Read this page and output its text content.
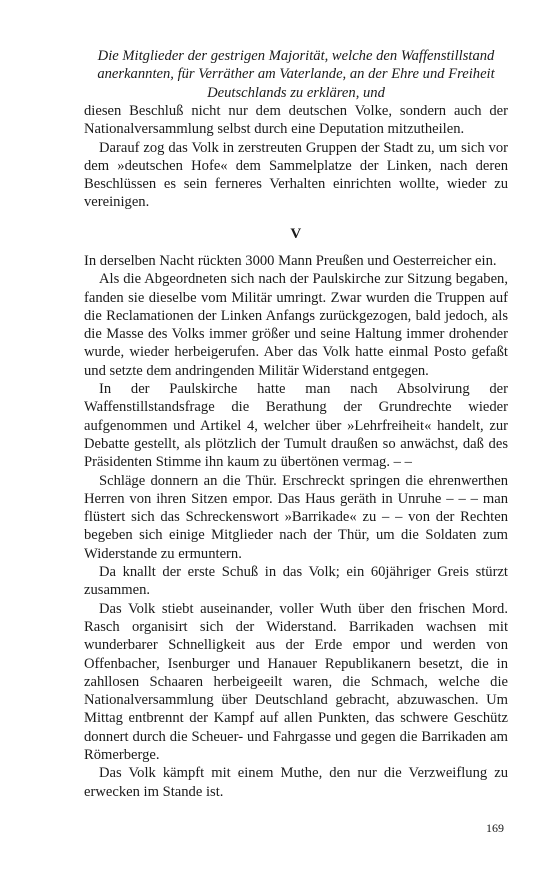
Die Mitglieder der gestrigen Majorität, welche den Waffenstillstand

anerkannten, für Verräther am Vaterlande, an der Ehre und Freiheit

Deutschlands zu erklären, und

diesen Beschluß nicht nur dem deutschen Volke, sondern auch der Nationalversammlung selbst durch eine Deputation mitzutheilen.

Darauf zog das Volk in zerstreuten Gruppen der Stadt zu, um sich vor dem »deutschen Hofe« dem Sammelplatze der Linken, nach deren Beschlüssen es sein ferneres Verhalten einrichten wollte, wieder zu vereinigen.

V

In derselben Nacht rückten 3000 Mann Preußen und Oesterreicher ein.

Als die Abgeordneten sich nach der Paulskirche zur Sitzung begaben, fanden sie dieselbe vom Militär umringt. Zwar wurden die Truppen auf die Reclamationen der Linken Anfangs zurückgezogen, bald jedoch, als die Masse des Volks immer größer und seine Haltung immer drohender wurde, wieder herbeigerufen. Aber das Volk hatte einmal Posto gefaßt und setzte dem andringenden Militär Widerstand entgegen.

In der Paulskirche hatte man nach Absolvirung der Waffenstillstandsfrage die Berathung der Grundrechte wieder aufgenommen und Artikel 4, welcher über »Lehrfreiheit« handelt, zur Debatte gestellt, als plötzlich der Tumult draußen so anwächst, daß des Präsidenten Stimme ihn kaum zu übertönen vermag. – –

Schläge donnern an die Thür. Erschreckt springen die ehrenwerthen Herren von ihren Sitzen empor. Das Haus geräth in Unruhe – – – man flüstert sich das Schreckenswort »Barrikade« zu – – von der Rechten begeben sich einige Mitglieder nach der Thür, um die Soldaten zum Widerstande zu ermuntern.

Da knallt der erste Schuß in das Volk; ein 60jähriger Greis stürzt zusammen.

Das Volk stiebt auseinander, voller Wuth über den frischen Mord. Rasch organisirt sich der Widerstand. Barrikaden wachsen mit wunderbarer Schnelligkeit aus der Erde empor und werden von Offenbacher, Isenburger und Hanauer Republikanern besetzt, die in zahllosen Schaaren herbeigeeilt waren, die Schmach, welche die Nationalversammlung über Deutschland gebracht, abzuwaschen. Um Mittag entbrennt der Kampf auf allen Punkten, das schwere Geschütz donnert durch die Scheuer- und Fahrgasse und gegen die Barrikaden am Römerberge.

Das Volk kämpft mit einem Muthe, den nur die Verzweiflung zu erwecken im Stande ist.

169
